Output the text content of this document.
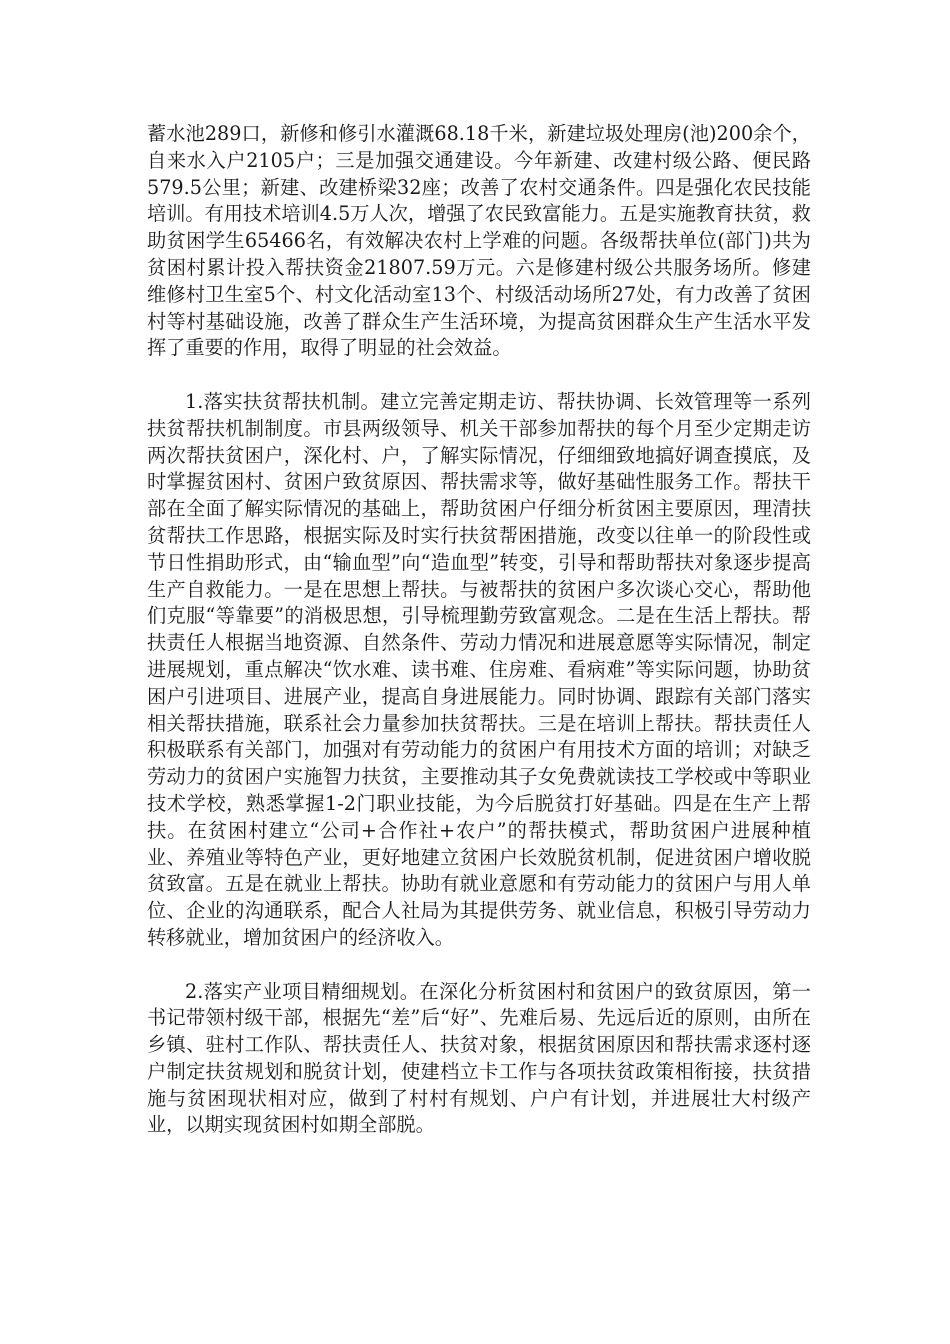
蓄水池289口，新修和修引水灌溉68.18千米，新建垃圾处理房(池)200余个，自来水入户2105户；三是加强交通建设。今年新建、改建村级公路、便民路579.5公里；新建、改建桥梁32座；改善了农村交通条件。四是强化农民技能培训。有用技术培训4.5万人次，增强了农民致富能力。五是实施教育扶贫，救助贫困学生65466名，有效解决农村上学难的问题。各级帮扶单位(部门)共为贫困村累计投入帮扶资金21807.59万元。六是修建村级公共服务场所。修建维修村卫生室5个、村文化活动室13个、村级活动场所27处，有力改善了贫困村等村基础设施，改善了群众生产生活环境，为提高贫困群众生产生活水平发挥了重要的作用，取得了明显的社会效益。

1.落实扶贫帮扶机制。建立完善定期走访、帮扶协调、长效管理等一系列扶贫帮扶机制制度。市县两级领导、机关干部参加帮扶的每个月至少定期走访两次帮扶贫困户，深化村、户，了解实际情况，仔细细致地搞好调查摸底，及时掌握贫困村、贫困户致贫原因、帮扶需求等，做好基础性服务工作。帮扶干部在全面了解实际情况的基础上，帮助贫困户仔细分析贫困主要原因，理清扶贫帮扶工作思路，根据实际及时实行扶贫帮困措施，改变以往单一的阶段性或节日性捐助形式，由“输血型”向“造血型”转变，引导和帮助帮扶对象逐步提高生产自救能力。一是在思想上帮扶。与被帮扶的贫困户多次谈心交心，帮助他们克服“等靠要”的消极思想，引导梳理勤劳致富观念。二是在生活上帮扶。帮扶责任人根据当地资源、自然条件、劳动力情况和进展意愿等实际情况，制定进展规划，重点解决“饮水难、读书难、住房难、看病难”等实际问题，协助贫困户引进项目、进展产业，提高自身进展能力。同时协调、跟踪有关部门落实相关帮扶措施，联系社会力量参加扶贫帮扶。三是在培训上帮扶。帮扶责任人积极联系有关部门，加强对有劳动能力的贫困户有用技术方面的培训；对缺乏劳动力的贫困户实施智力扶贫，主要推动其子女免费就读技工学校或中等职业技术学校，熟悉掌握1-2门职业技能，为今后脱贫打好基础。四是在生产上帮扶。在贫困村建立“公司+合作社+农户”的帮扶模式，帮助贫困户进展种植业、养殖业等特色产业，更好地建立贫困户长效脱贫机制，促进贫困户增收脱贫致富。五是在就业上帮扶。协助有就业意愿和有劳动能力的贫困户与用人单位、企业的沟通联系，配合人社局为其提供劳务、就业信息，积极引导劳动力转移就业，增加贫困户的经济收入。

2.落实产业项目精细规划。在深化分析贫困村和贫困户的致贫原因，第一书记带领村级干部，根据先“差”后“好”、先难后易、先远后近的原则，由所在乡镇、驻村工作队、帮扶责任人、扶贫对象，根据贫困原因和帮扶需求逐村逐户制定扶贫规划和脱贫计划，使建档立卡工作与各项扶贫政策相衔接，扶贫措施与贫困现状相对应，做到了村村有规划、户户有计划，并进展壮大村级产业，以期实现贫困村如期全部脱。
